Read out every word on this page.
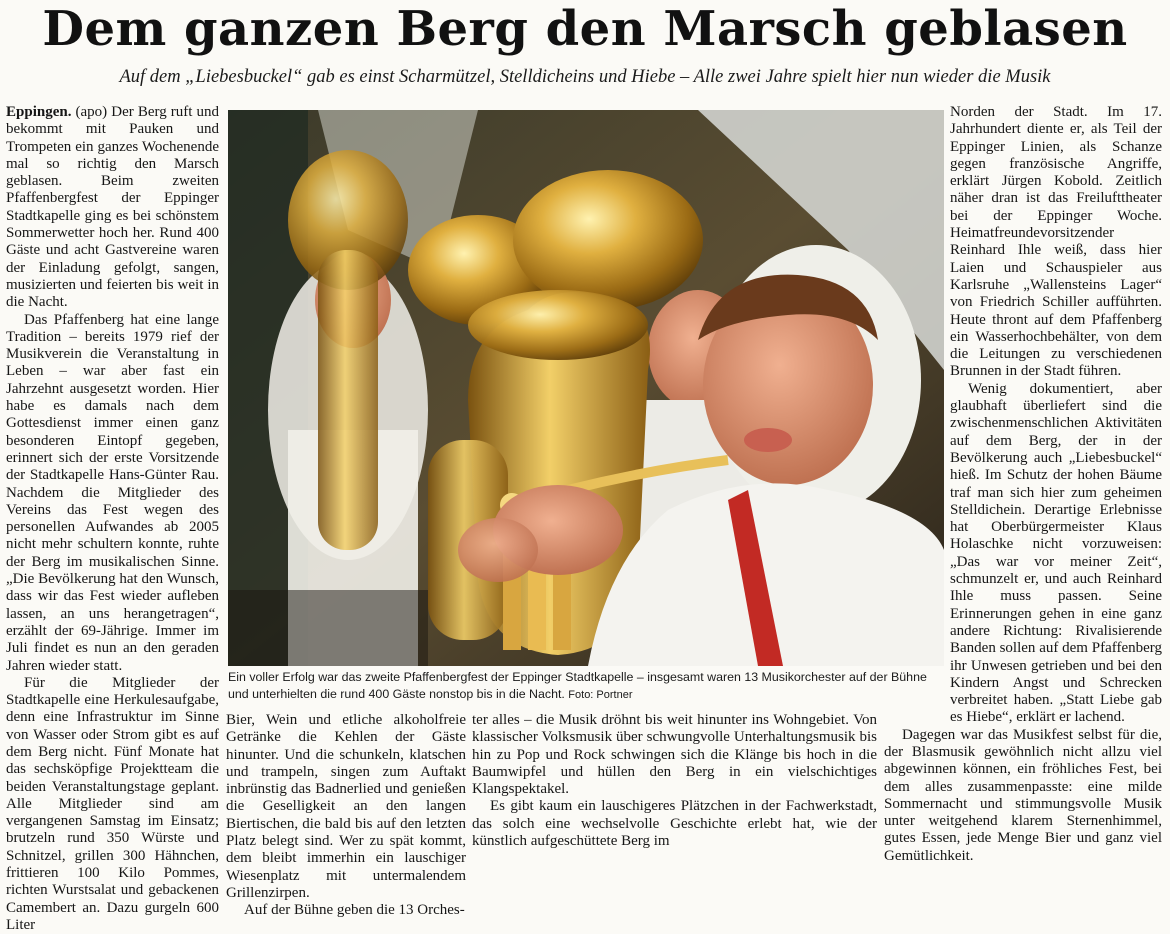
Dem ganzen Berg den Marsch geblasen
Auf dem „Liebesbuckel“ gab es einst Scharmützel, Stelldicheins und Hiebe – Alle zwei Jahre spielt hier nun wieder die Musik

Eppingen. (apo) Der Berg ruft und bekommt mit Pauken und Trompeten ein ganzes Wochenende mal so richtig den Marsch geblasen. Beim zweiten Pfaffenbergfest der Eppinger Stadtkapelle ging es bei schönstem Sommerwetter hoch her. Rund 400 Gäste und acht Gastvereine waren der Einladung gefolgt, sangen, musizierten und feierten bis weit in die Nacht.

Das Pfaffenberg hat eine lange Tradition – bereits 1979 rief der Musikverein die Veranstaltung in Leben – war aber fast ein Jahrzehnt ausgesetzt worden. Hier habe es damals nach dem Gottesdienst immer einen ganz besonderen Eintopf gegeben, erinnert sich der erste Vorsitzende der Stadtkapelle Hans-Günter Rau. Nachdem die Mitglieder des Vereins das Fest wegen des personellen Aufwandes ab 2005 nicht mehr schultern konnte, ruhte der Berg im musikalischen Sinne. „Die Bevölkerung hat den Wunsch, dass wir das Fest wieder aufleben lassen, an uns herangetragen“, erzählt der 69-Jährige. Immer im Juli findet es nun an den geraden Jahren wieder statt.

Für die Mitglieder der Stadtkapelle eine Herkulesaufgabe, denn eine Infrastruktur im Sinne von Wasser oder Strom gibt es auf dem Berg nicht. Fünf Monate hat das sechsköpfige Projektteam die beiden Veranstaltungstage geplant. Alle Mitglieder sind am vergangenen Samstag im Einsatz; brutzeln rund 350 Würste und Schnitzel, grillen 300 Hähnchen, frittieren 100 Kilo Pommes, richten Wurstsalat und gebackenen Camembert an. Dazu gurgeln 600 Liter

Ein voller Erfolg war das zweite Pfaffenbergfest der Eppinger Stadtkapelle – insgesamt waren 13 Musikorchester auf der Bühne und unterhielten die rund 400 Gäste nonstop bis in die Nacht. Foto: Portner

Bier, Wein und etliche alkoholfreie Getränke die Kehlen der Gäste hinunter. Und die schunkeln, klatschen und trampeln, singen zum Auftakt inbrünstig das Badnerlied und genießen die Geselligkeit an den langen Biertischen, die bald bis auf den letzten Platz belegt sind. Wer zu spät kommt, dem bleibt immerhin ein lauschiger Wiesenplatz mit untermalendem Grillenzirpen.

Auf der Bühne geben die 13 Orches-

ter alles – die Musik dröhnt bis weit hinunter ins Wohngebiet. Von klassischer Volksmusik über schwungvolle Unterhaltungsmusik bis hin zu Pop und Rock schwingen sich die Klänge bis hoch in die Baumwipfel und hüllen den Berg in ein vielschichtiges Klangspektakel.

Es gibt kaum ein lauschigeres Plätzchen in der Fachwerkstadt, das solch eine wechselvolle Geschichte erlebt hat, wie der künstlich aufgeschüttete Berg im

Norden der Stadt. Im 17. Jahrhundert diente er, als Teil der Eppinger Linien, als Schanze gegen französische Angriffe, erklärt Jürgen Kobold. Zeitlich näher dran ist das Freilufttheater bei der Eppinger Woche. Heimatfreundevorsitzender Reinhard Ihle weiß, dass hier Laien und Schauspieler aus Karlsruhe „Wallensteins Lager“ von Friedrich Schiller aufführten. Heute thront auf dem Pfaffenberg ein Wasserhochbehälter, von dem die Leitungen zu verschiedenen Brunnen in der Stadt führen.

Wenig dokumentiert, aber glaubhaft überliefert sind die zwischenmenschlichen Aktivitäten auf dem Berg, der in der Bevölkerung auch „Liebesbuckel“ hieß. Im Schutz der hohen Bäume traf man sich hier zum geheimen Stelldichein. Derartige Erlebnisse hat Oberbürgermeister Klaus Holaschke nicht vorzuweisen: „Das war vor meiner Zeit“, schmunzelt er, und auch Reinhard Ihle muss passen. Seine Erinnerungen gehen in eine ganz andere Richtung: Rivalisierende Banden sollen auf dem Pfaffenberg ihr Unwesen getrieben und bei den Kindern Angst und Schrecken verbreitet haben. „Statt Liebe gab es Hiebe“, erklärt er lachend.

Dagegen war das Musikfest selbst für die, der Blasmusik gewöhnlich nicht allzu viel abgewinnen können, ein fröhliches Fest, bei dem alles zusammenpasste: eine milde Sommernacht und stimmungsvolle Musik unter weitgehend klarem Sternenhimmel, gutes Essen, jede Menge Bier und ganz viel Gemütlichkeit.
